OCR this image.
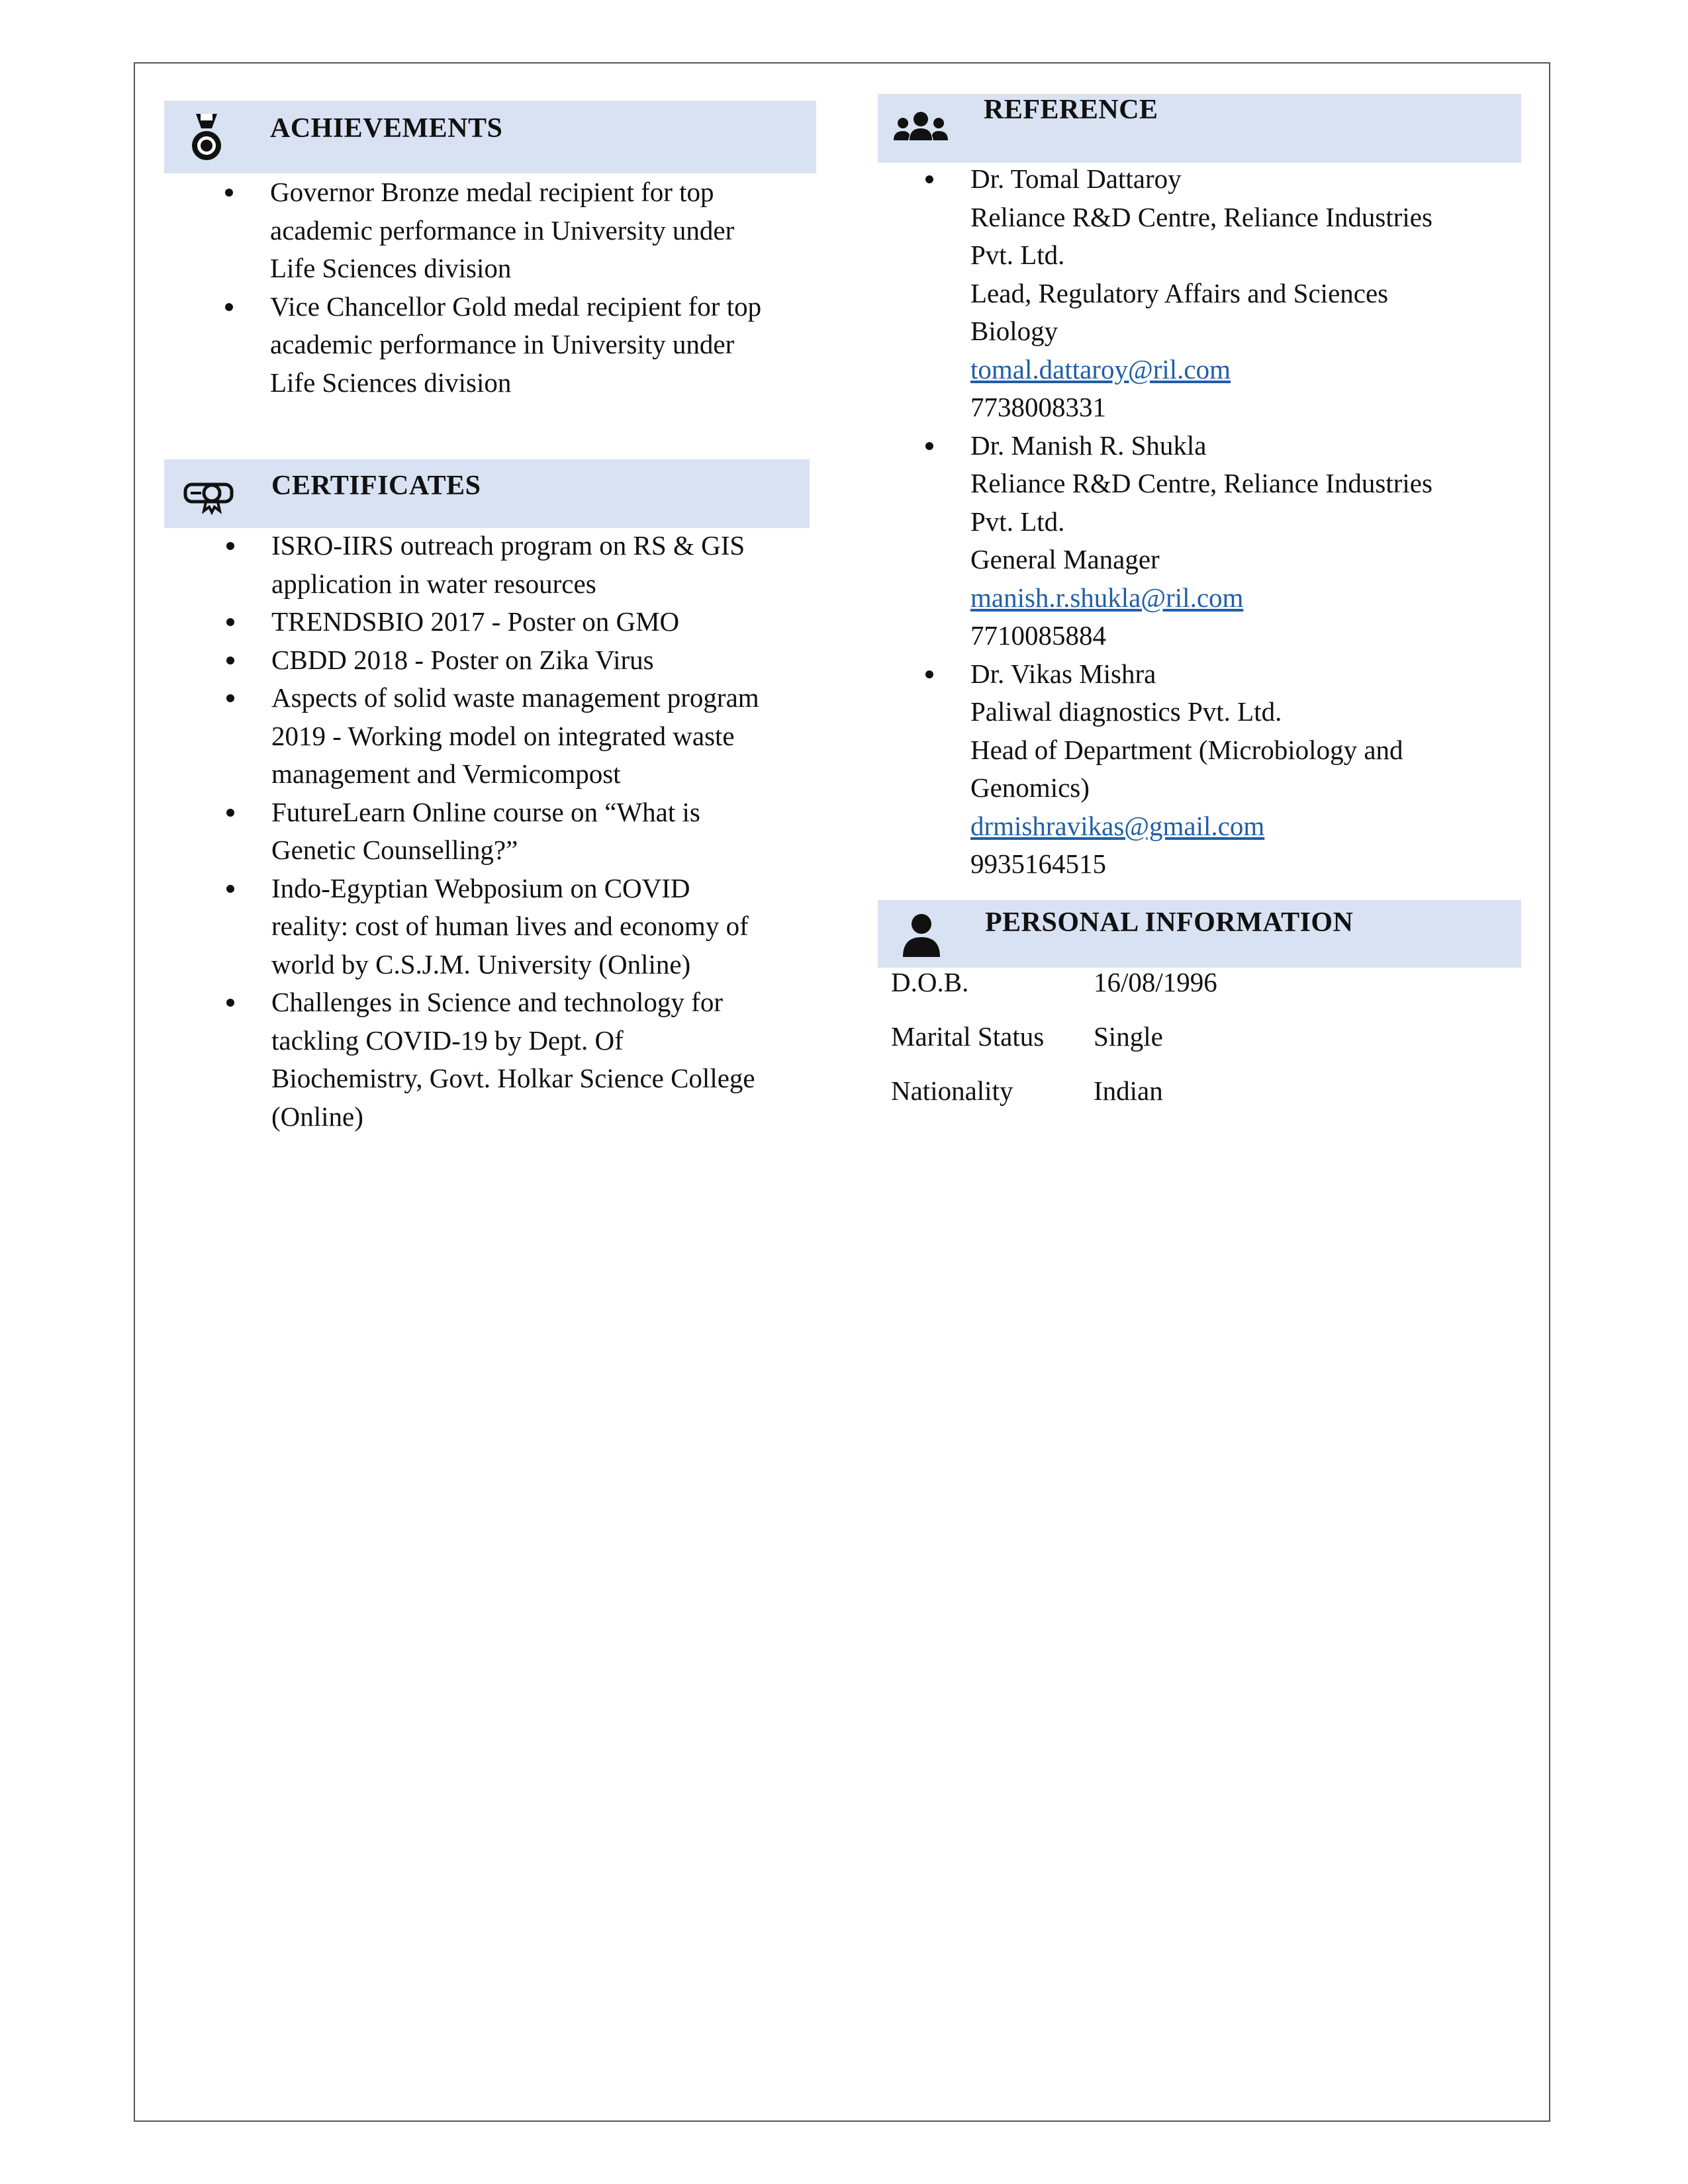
ACHIEVEMENTS
Governor Bronze medal recipient for top
academic performance in University under
Life Sciences division
Vice Chancellor Gold medal recipient for top
academic performance in University under
Life Sciences division
CERTIFICATES
ISRO-IIRS outreach program on RS & GIS
application in water resources
TRENDSBIO 2017 - Poster on GMO
CBDD 2018 - Poster on Zika Virus
Aspects of solid waste management program
2019 - Working model on integrated waste
management and Vermicompost
FutureLearn Online course on “What is
Genetic Counselling?”
Indo-Egyptian Webposium on COVID
reality: cost of human lives and economy of
world by C.S.J.M. University (Online)
Challenges in Science and technology for
tackling COVID-19 by Dept. Of
Biochemistry, Govt. Holkar Science College
(Online)
REFERENCE
Dr. Tomal Dattaroy
Reliance R&D Centre, Reliance Industries
Pvt. Ltd.
Lead, Regulatory Affairs and Sciences
Biology
tomal.dattaroy@ril.com
7738008331
Dr. Manish R. Shukla
Reliance R&D Centre, Reliance Industries
Pvt. Ltd.
General Manager
manish.r.shukla@ril.com
7710085884
Dr. Vikas Mishra
Paliwal diagnostics Pvt. Ltd.
Head of Department (Microbiology and
Genomics)
drmishravikas@gmail.com
9935164515
PERSONAL INFORMATION
D.O.B.	16/08/1996
Marital Status	Single
Nationality	Indian
